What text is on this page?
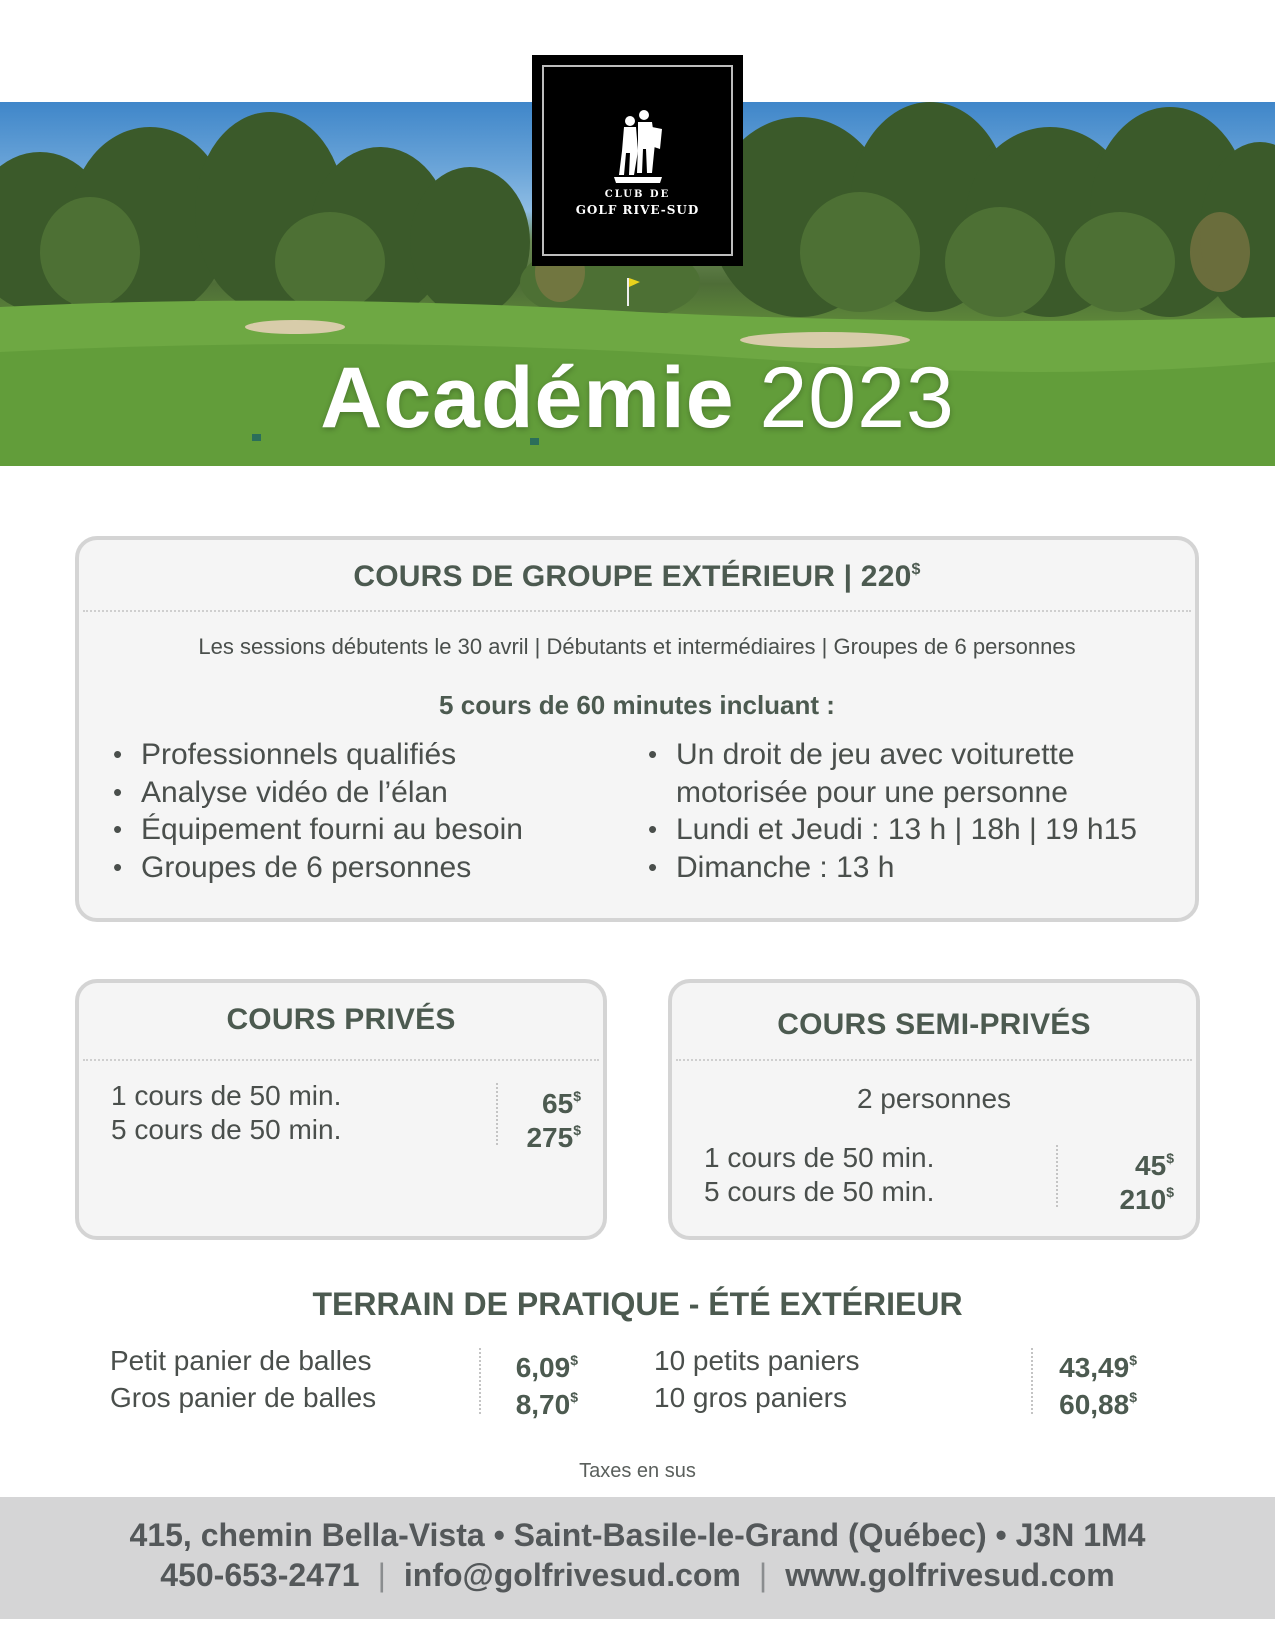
Académie 2023
CLUB DE
GOLF RIVE-SUD
COURS DE GROUPE EXTÉRIEUR | 220$
Les sessions débutents le 30 avril | Débutants et intermédiaires | Groupes de 6 personnes
5 cours de 60 minutes incluant :
• Professionnels qualifiés
• Analyse vidéo de l’élan
• Équipement fourni au besoin
• Groupes de 6 personnes
• Un droit de jeu avec voiturette motorisée pour une personne
• Lundi et Jeudi : 13 h | 18h | 19 h15
• Dimanche : 13 h
COURS PRIVÉS
1 cours de 50 min.	65$
5 cours de 50 min.	275$
COURS SEMI-PRIVÉS
2 personnes
1 cours de 50 min.	45$
5 cours de 50 min.	210$
TERRAIN DE PRATIQUE - ÉTÉ EXTÉRIEUR
Petit panier de balles	6,09$
Gros panier de balles	8,70$
10 petits paniers	43,49$
10 gros paniers	60,88$
Taxes en sus
415, chemin Bella-Vista • Saint-Basile-le-Grand (Québec) • J3N 1M4
450-653-2471 | info@golfrivesud.com | www.golfrivesud.com
